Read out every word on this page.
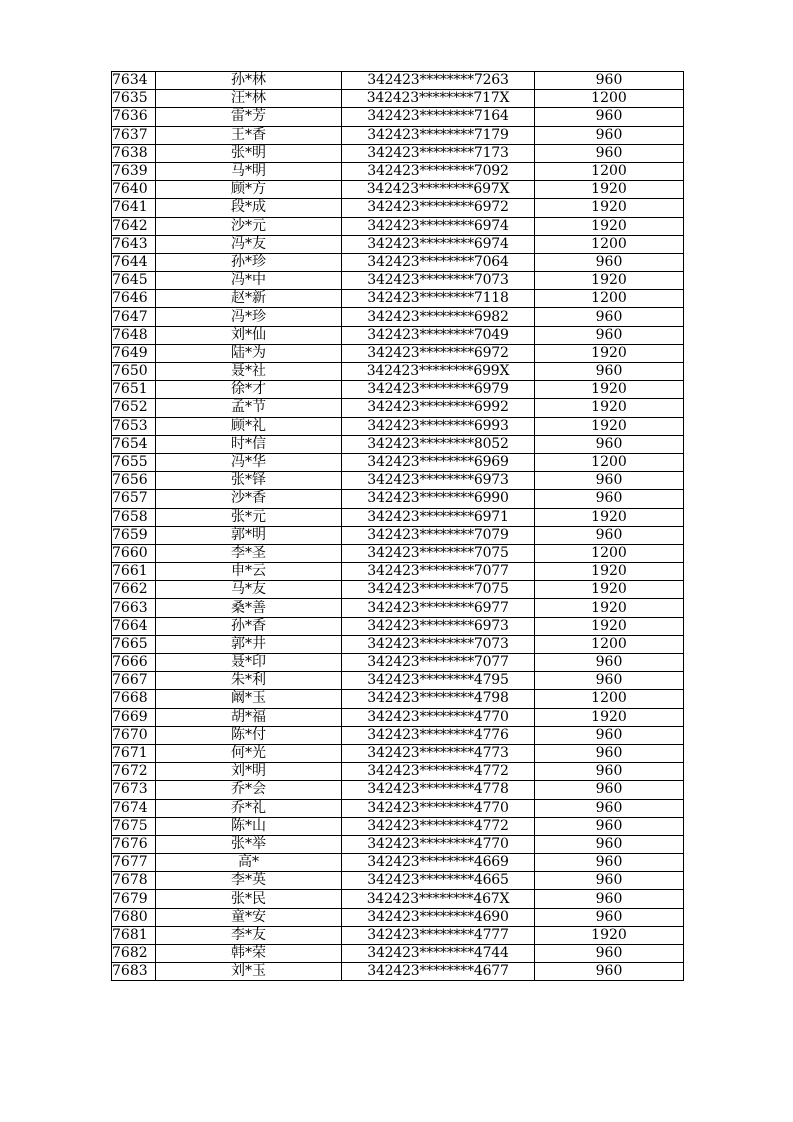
7634	孙*林	342423********7263	960
7635	汪*林	342423********717X	1200
7636	雷*芳	342423********7164	960
7637	王*香	342423********7179	960
7638	张*明	342423********7173	960
7639	马*明	342423********7092	1200
7640	顾*方	342423********697X	1920
7641	段*成	342423********6972	1920
7642	沙*元	342423********6974	1920
7643	冯*友	342423********6974	1200
7644	孙*珍	342423********7064	960
7645	冯*中	342423********7073	1920
7646	赵*新	342423********7118	1200
7647	冯*珍	342423********6982	960
7648	刘*仙	342423********7049	960
7649	陆*为	342423********6972	1920
7650	聂*社	342423********699X	960
7651	徐*才	342423********6979	1920
7652	孟*节	342423********6992	1920
7653	顾*礼	342423********6993	1920
7654	时*信	342423********8052	960
7655	冯*华	342423********6969	1200
7656	张*铎	342423********6973	960
7657	沙*香	342423********6990	960
7658	张*元	342423********6971	1920
7659	郭*明	342423********7079	960
7660	李*圣	342423********7075	1200
7661	申*云	342423********7077	1920
7662	马*友	342423********7075	1920
7663	桑*善	342423********6977	1920
7664	孙*香	342423********6973	1920
7665	郭*井	342423********7073	1200
7666	聂*印	342423********7077	960
7667	朱*利	342423********4795	960
7668	阚*玉	342423********4798	1200
7669	胡*福	342423********4770	1920
7670	陈*付	342423********4776	960
7671	何*光	342423********4773	960
7672	刘*明	342423********4772	960
7673	乔*会	342423********4778	960
7674	乔*礼	342423********4770	960
7675	陈*山	342423********4772	960
7676	张*举	342423********4770	960
7677	高*	342423********4669	960
7678	李*英	342423********4665	960
7679	张*民	342423********467X	960
7680	童*安	342423********4690	960
7681	李*友	342423********4777	1920
7682	韩*荣	342423********4744	960
7683	刘*玉	342423********4677	960
